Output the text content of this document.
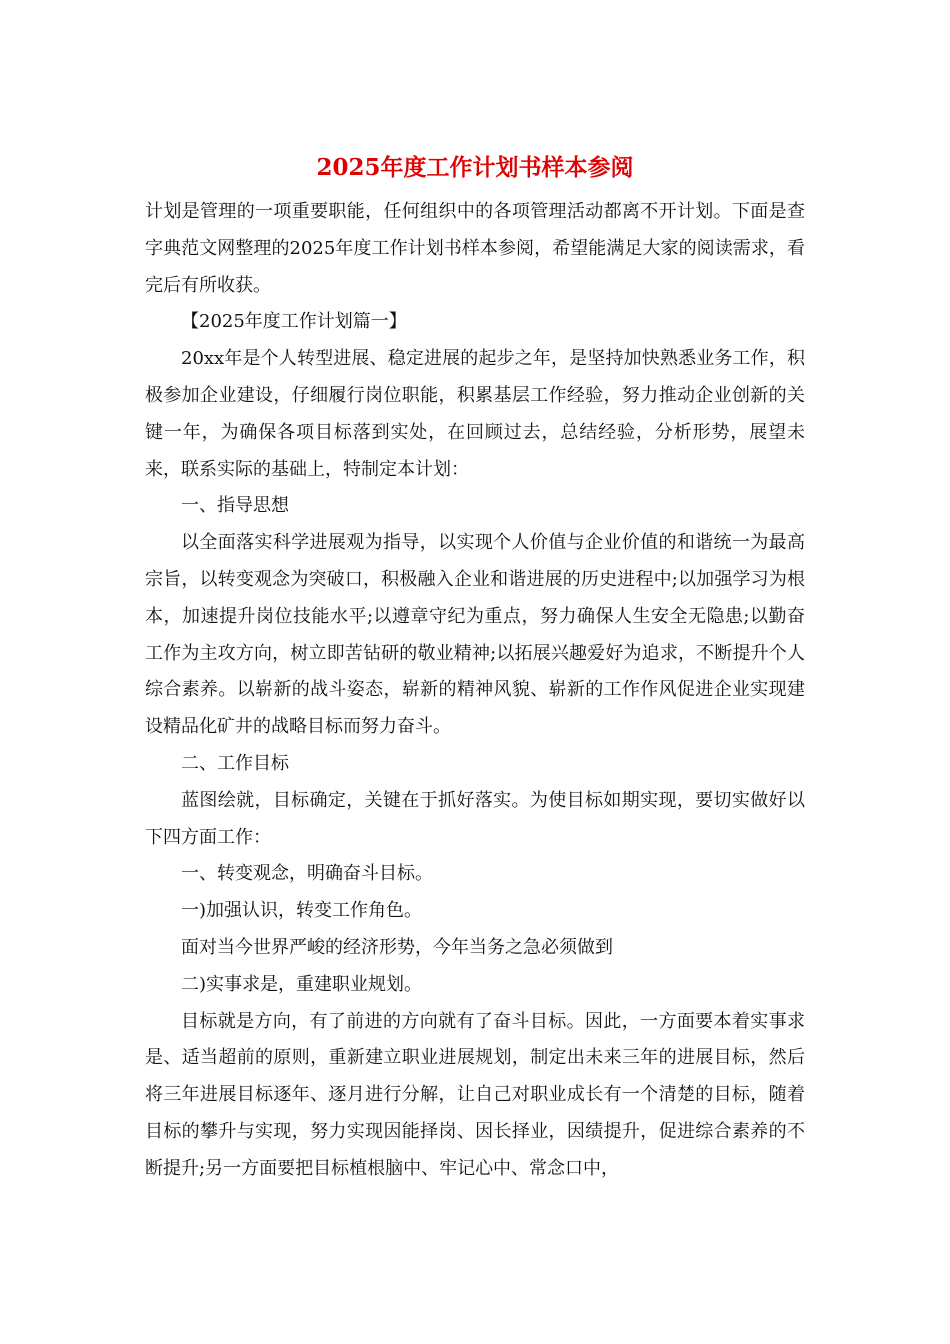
2025年度工作计划书样本参阅

计划是管理的一项重要职能，任何组织中的各项管理活动都离不开计划。下面是查字典范文网整理的2025年度工作计划书样本参阅，希望能满足大家的阅读需求，看完后有所收获。

【2025年度工作计划篇一】

20xx年是个人转型进展、稳定进展的起步之年，是坚持加快熟悉业务工作，积极参加企业建设，仔细履行岗位职能，积累基层工作经验，努力推动企业创新的关键一年，为确保各项目标落到实处，在回顾过去，总结经验，分析形势，展望未来，联系实际的基础上，特制定本计划：

一、指导思想

以全面落实科学进展观为指导，以实现个人价值与企业价值的和谐统一为最高宗旨，以转变观念为突破口，积极融入企业和谐进展的历史进程中;以加强学习为根本，加速提升岗位技能水平;以遵章守纪为重点，努力确保人生安全无隐患;以勤奋工作为主攻方向，树立即苦钻研的敬业精神;以拓展兴趣爱好为追求，不断提升个人综合素养。以崭新的战斗姿态，崭新的精神风貌、崭新的工作作风促进企业实现建设精品化矿井的战略目标而努力奋斗。

二、工作目标

蓝图绘就，目标确定，关键在于抓好落实。为使目标如期实现，要切实做好以下四方面工作：

一、转变观念，明确奋斗目标。

一)加强认识，转变工作角色。

面对当今世界严峻的经济形势，今年当务之急必须做到

二)实事求是，重建职业规划。

目标就是方向，有了前进的方向就有了奋斗目标。因此，一方面要本着实事求是、适当超前的原则，重新建立职业进展规划，制定出未来三年的进展目标，然后将三年进展目标逐年、逐月进行分解，让自己对职业成长有一个清楚的目标，随着目标的攀升与实现，努力实现因能择岗、因长择业，因绩提升，促进综合素养的不断提升;另一方面要把目标植根脑中、牢记心中、常念口中，
